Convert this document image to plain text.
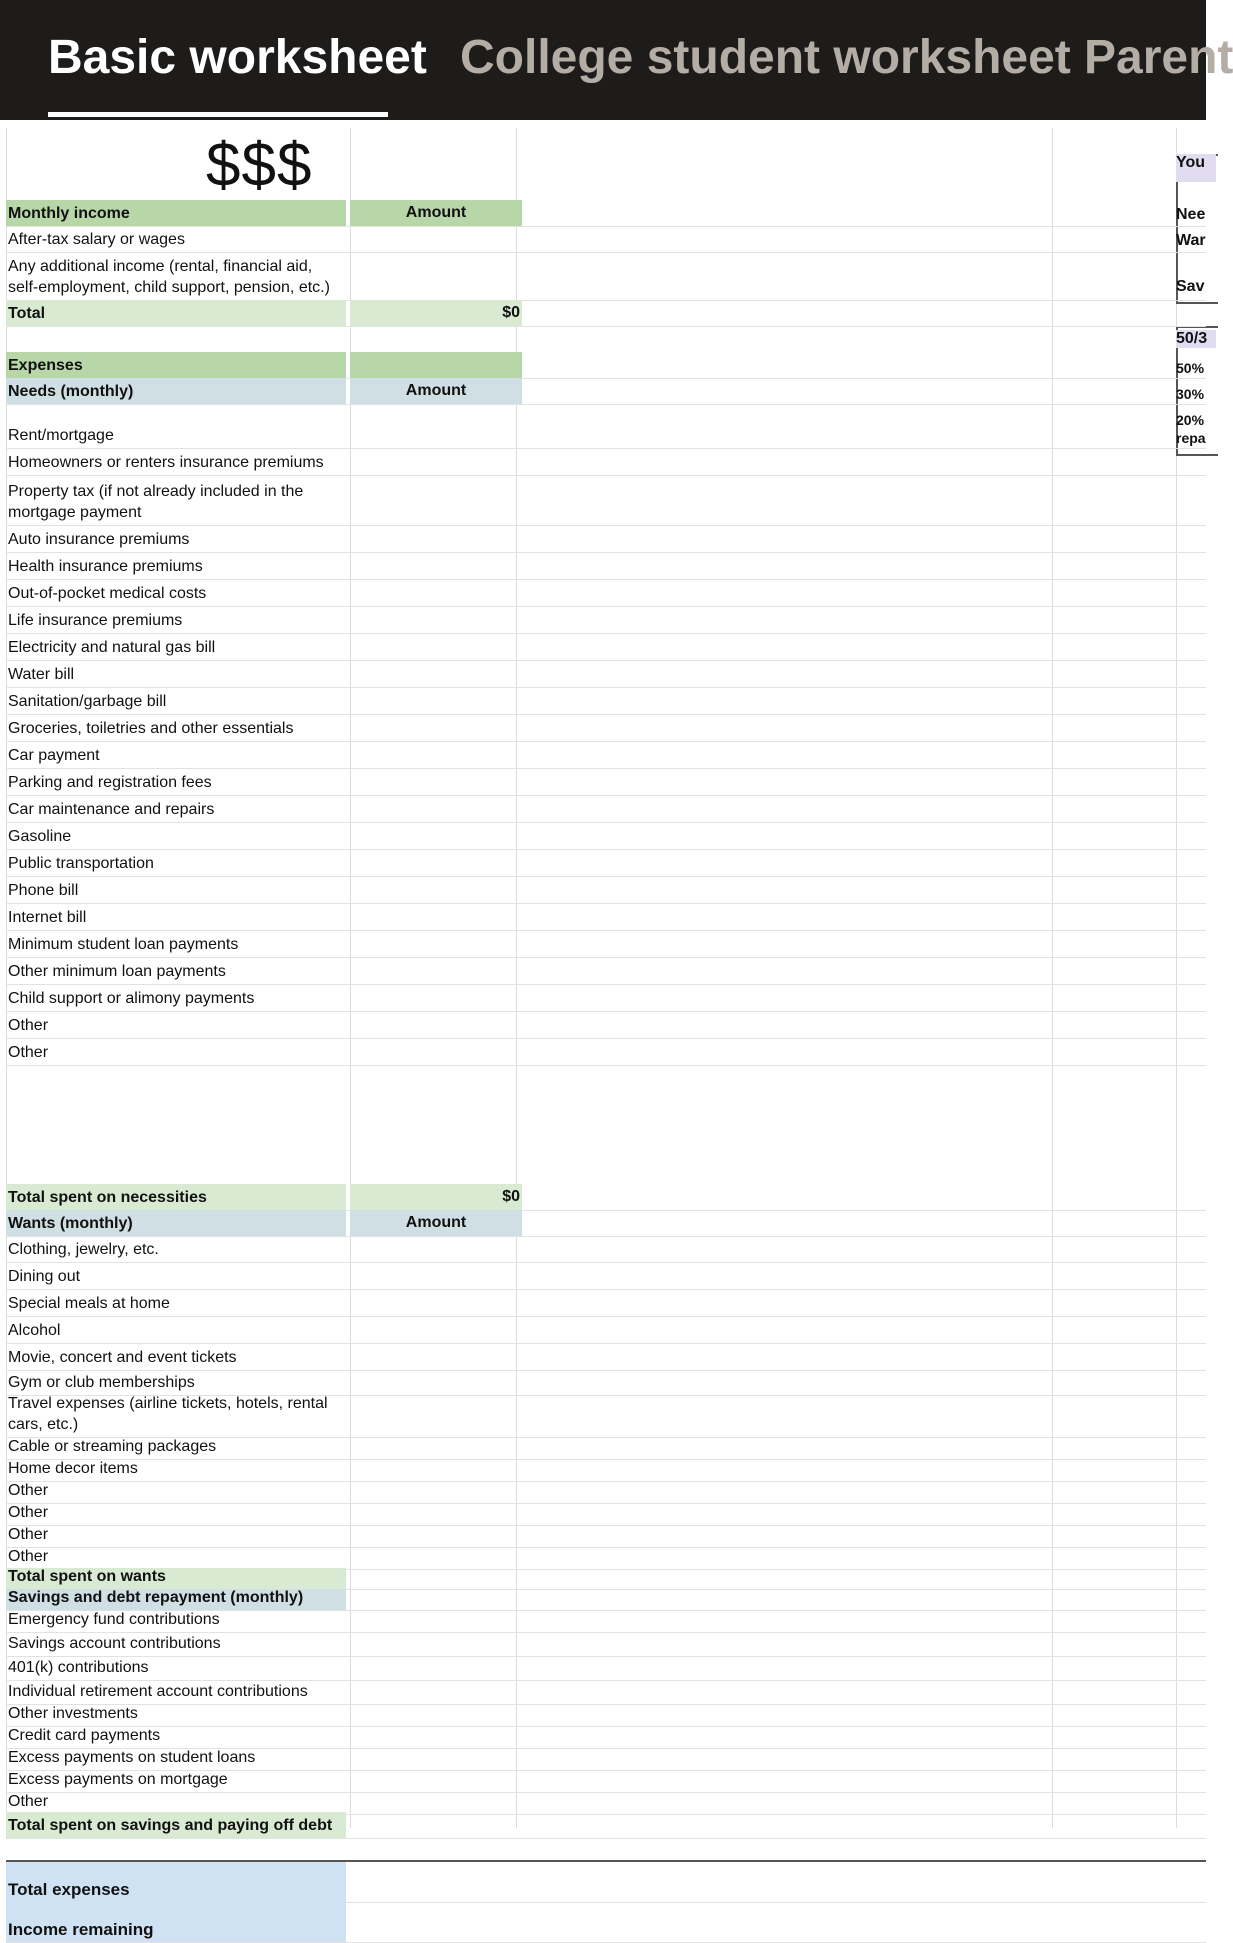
Basic worksheet College student worksheet Parent
$$$	You
Nee
War
Sav
50/3
50%
30%
20%
repa
Monthly income	Amount
After-tax salary or wages
Any additional income (rental, financial aid, self-employment, child support, pension, etc.)
Total	$0
Expenses
Needs (monthly)	Amount
Rent/mortgage
Homeowners or renters insurance premiums
Property tax (if not already included in the mortgage payment
Auto insurance premiums
Health insurance premiums
Out-of-pocket medical costs
Life insurance premiums
Electricity and natural gas bill
Water bill
Sanitation/garbage bill
Groceries, toiletries and other essentials
Car payment
Parking and registration fees
Car maintenance and repairs
Gasoline
Public transportation
Phone bill
Internet bill
Minimum student loan payments
Other minimum loan payments
Child support or alimony payments
Other
Other
Total spent on necessities	$0
Wants (monthly)	Amount
Clothing, jewelry, etc.
Dining out
Special meals at home
Alcohol
Movie, concert and event tickets
Gym or club memberships
Travel expenses (airline tickets, hotels, rental cars, etc.)
Cable or streaming packages
Home decor items
Other
Other
Other
Other
Total spent on wants
Savings and debt repayment (monthly)
Emergency fund contributions
Savings account contributions
401(k) contributions
Individual retirement account contributions
Other investments
Credit card payments
Excess payments on student loans
Excess payments on mortgage
Other
Total spent on savings and paying off debt
Total expenses
Income remaining
